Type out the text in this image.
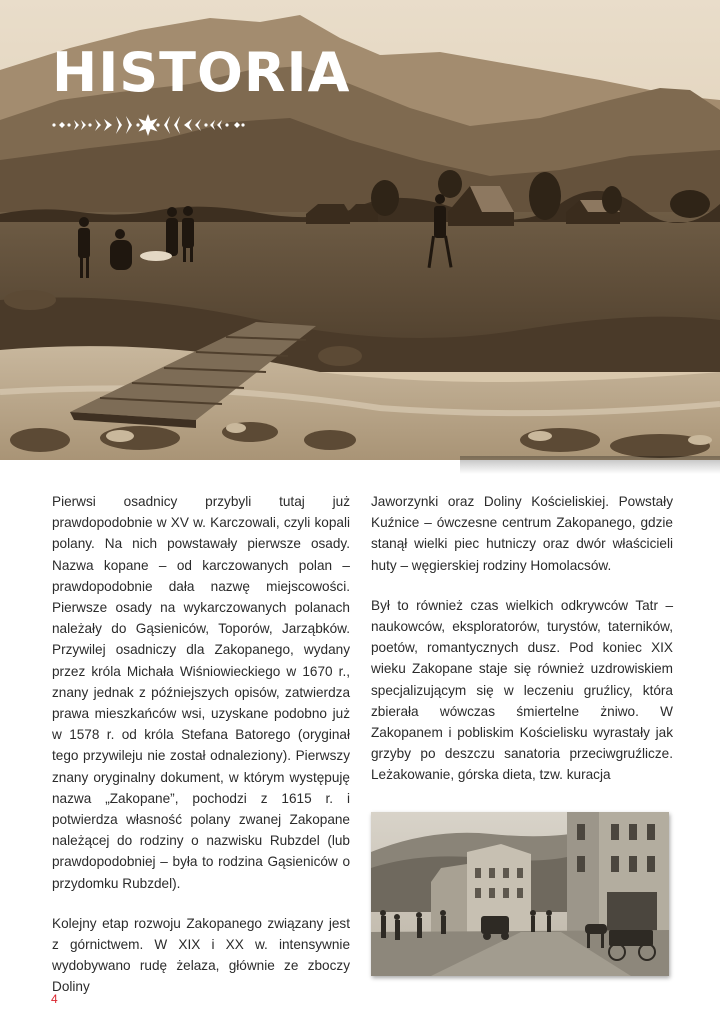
HISTORIA

Pierwsi osadnicy przybyli tutaj już prawdopodobnie w XV w. Karczowali, czyli kopali polany. Na nich powstawały pierwsze osady. Nazwa kopane – od karczowanych polan – prawdopodobnie dała nazwę miejscowości. Pierwsze osady na wykarczowanych polanach należały do Gąsieniców, Toporów, Jarząbków. Przywilej osadniczy dla Zakopanego, wydany przez króla Michała Wiśniowieckiego w 1670 r., znany jednak z późniejszych opisów, zatwierdza prawa mieszkańców wsi, uzyskane podobno już w 1578 r. od króla Stefana Batorego (oryginał tego przywileju nie został odnaleziony). Pierwszy znany oryginalny dokument, w którym występuję nazwa „Zakopane”, pochodzi z 1615 r. i potwierdza własność polany zwanej Zakopane należącej do rodziny o nazwisku Rubzdel (lub prawdopodobniej – była to rodzina Gąsieniców o przydomku Rubzdel).

Kolejny etap rozwoju Zakopanego związany jest z górnictwem. W XIX i XX w. intensywnie wydobywano rudę żelaza, głównie ze zboczy Doliny

Jaworzynki oraz Doliny Kościeliskiej. Powstały Kuźnice – ówczesne centrum Zakopanego, gdzie stanął wielki piec hutniczy oraz dwór właścicieli huty – węgierskiej rodziny Homolacsów.

Był to również czas wielkich odkrywców Tatr – naukowców, eksploratorów, turystów, taterników, poetów, romantycznych dusz. Pod koniec XIX wieku Zakopane staje się również uzdrowiskiem specjalizującym się w leczeniu gruźlicy, która zbierała wówczas śmiertelne żniwo. W Zakopanem i pobliskim Kościelisku wyrastały jak grzyby po deszczu sanatoria przeciwgruźlicze. Leżakowanie, górska dieta, tzw. kuracja

4
